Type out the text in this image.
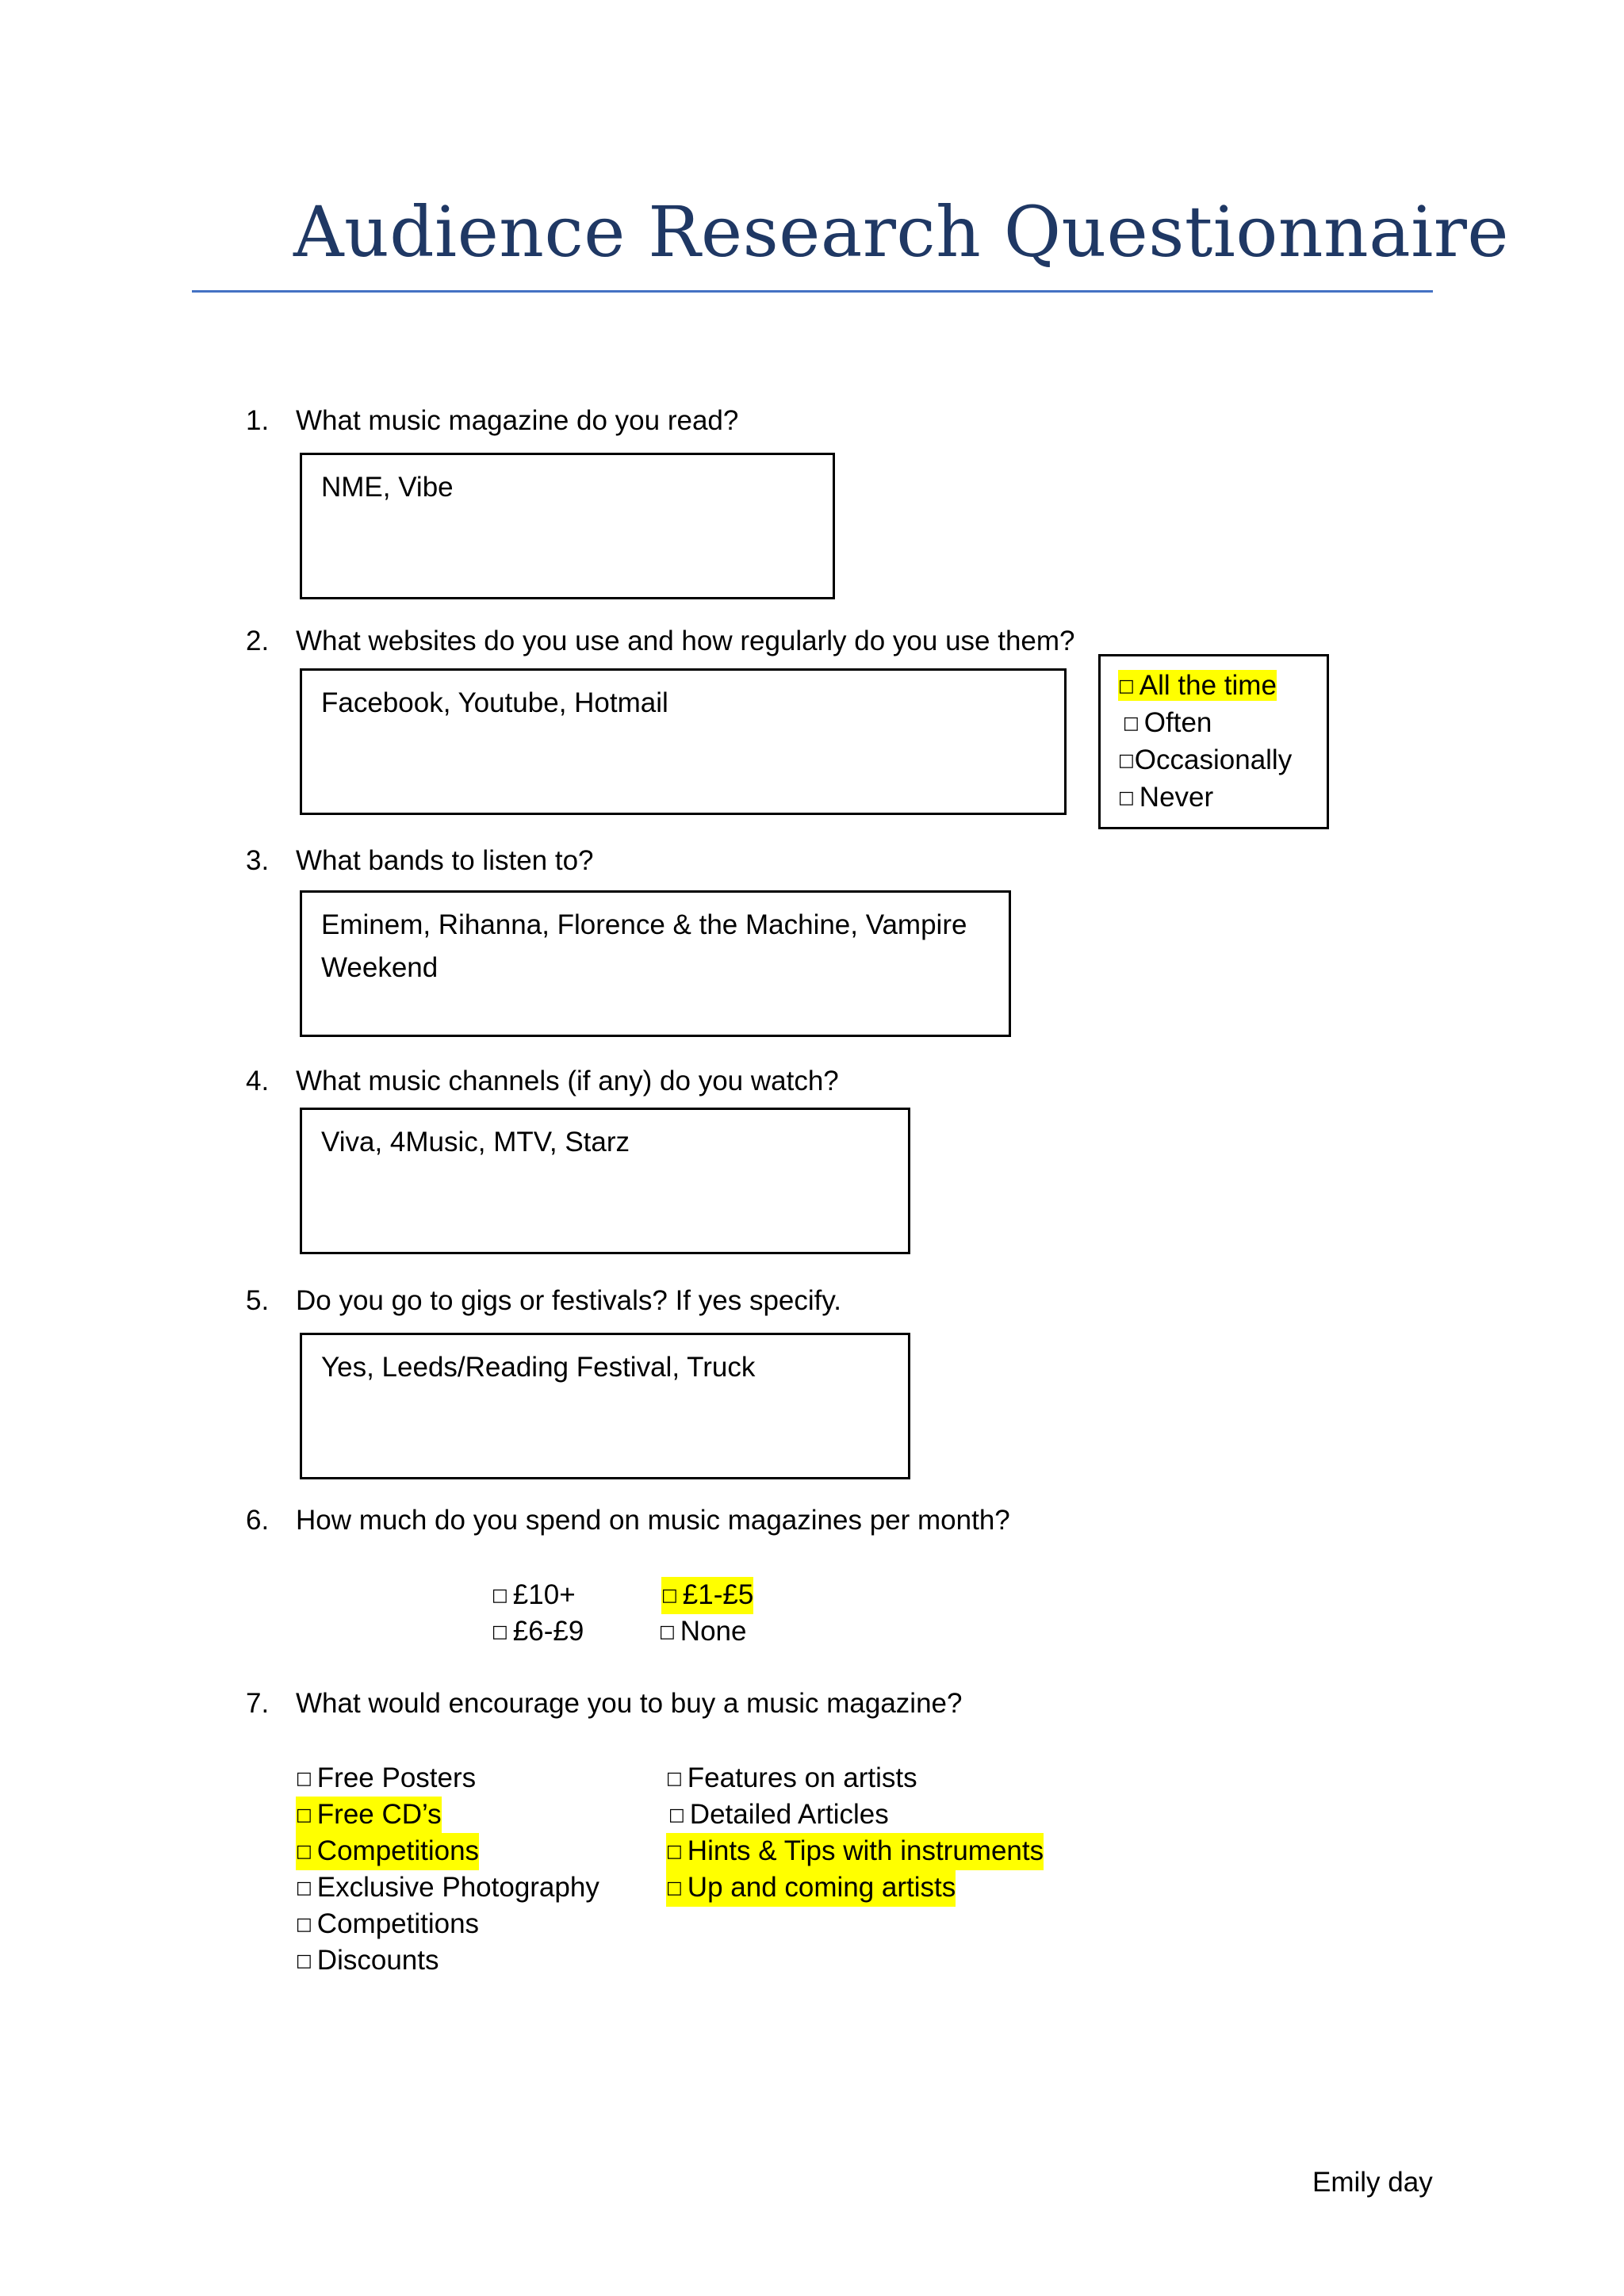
Audience Research Questionnaire
1. What music magazine do you read?
NME, Vibe
2. What websites do you use and how regularly do you use them?
Facebook, Youtube, Hotmail
□ All the time □ Often

□Occasionally
□ Never
3. What bands to listen to?
Eminem, Rihanna, Florence & the Machine, Vampire
Weekend
4. What music channels (if any) do you watch?
Viva, 4Music, MTV, Starz
5. Do you go to gigs or festivals? If yes specify.
Yes, Leeds/Reading Festival, Truck
6. How much do you spend on music magazines per month?
□ £10+	□ £1-£5
□ £6-£9	□ None
7. What would encourage you to buy a music magazine?
□ Free Posters
□ Free CD’s
□ Competitions
□ Exclusive Photography
□ Competitions
□ Discounts
□ Features on artists
□ Detailed Articles
□ Hints & Tips with instruments
□ Up and coming artists
Emily day
